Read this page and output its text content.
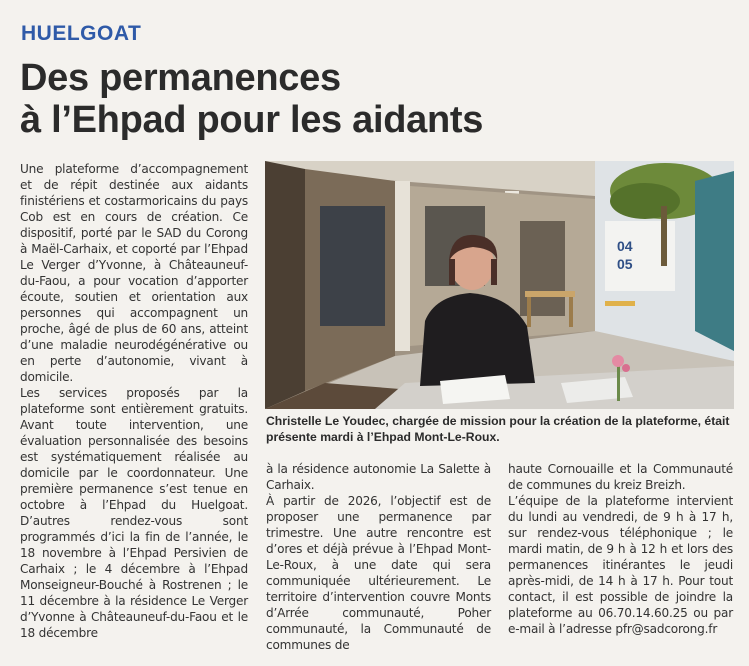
HUELGOAT
Des permanences
à l’Ehpad pour les aidants

Une plateforme d’accompagnement et de répit destinée aux aidants finistériens et costarmoricains du pays Cob est en cours de création. Ce dispositif, porté par le SAD du Corong à Maël-Carhaix, et coporté par l’Ehpad Le Verger d’Yvonne, à Châteauneuf-du-Faou, a pour vocation d’apporter écoute, soutien et orientation aux personnes qui accompagnent un proche, âgé de plus de 60 ans, atteint d’une maladie neurodégénérative ou en perte d’autonomie, vivant à domicile.

Les services proposés par la plateforme sont entièrement gratuits. Avant toute intervention, une évaluation personnalisée des besoins est systématiquement réalisée au domicile par le coordonnateur. Une première permanence s’est tenue en octobre à l’Ehpad du Huelgoat. D’autres rendez-vous sont programmés d’ici la fin de l’année, le 18 novembre à l’Ehpad Persivien de Carhaix ; le 4 décembre à l’Ehpad Monseigneur-Bouché à Rostrenen ; le 11 décembre à la résidence Le Verger d’Yvonne à Châteauneuf-du-Faou et le 18 décembre

04
05
Christelle Le Youdec, chargée de mission pour la création de la plateforme, était présente mardi à l’Ehpad Mont-Le-Roux.

à la résidence autonomie La Salette à Carhaix.

À partir de 2026, l’objectif est de proposer une permanence par trimestre. Une autre rencontre est d’ores et déjà prévue à l’Ehpad Mont-Le-Roux, à une date qui sera communiquée ultérieurement. Le territoire d’intervention couvre Monts d’Arrée communauté, Poher communauté, la Communauté de communes de

haute Cornouaille et la Communauté de communes du kreiz Breizh.

L’équipe de la plateforme intervient du lundi au vendredi, de 9 h à 17 h, sur rendez-vous téléphonique ; le mardi matin, de 9 h à 12 h et lors des permanences itinérantes le jeudi après-midi, de 14 h à 17 h. Pour tout contact, il est possible de joindre la plateforme au 06.70.14.60.25 ou par e-mail à l’adresse pfr@sadcorong.fr
